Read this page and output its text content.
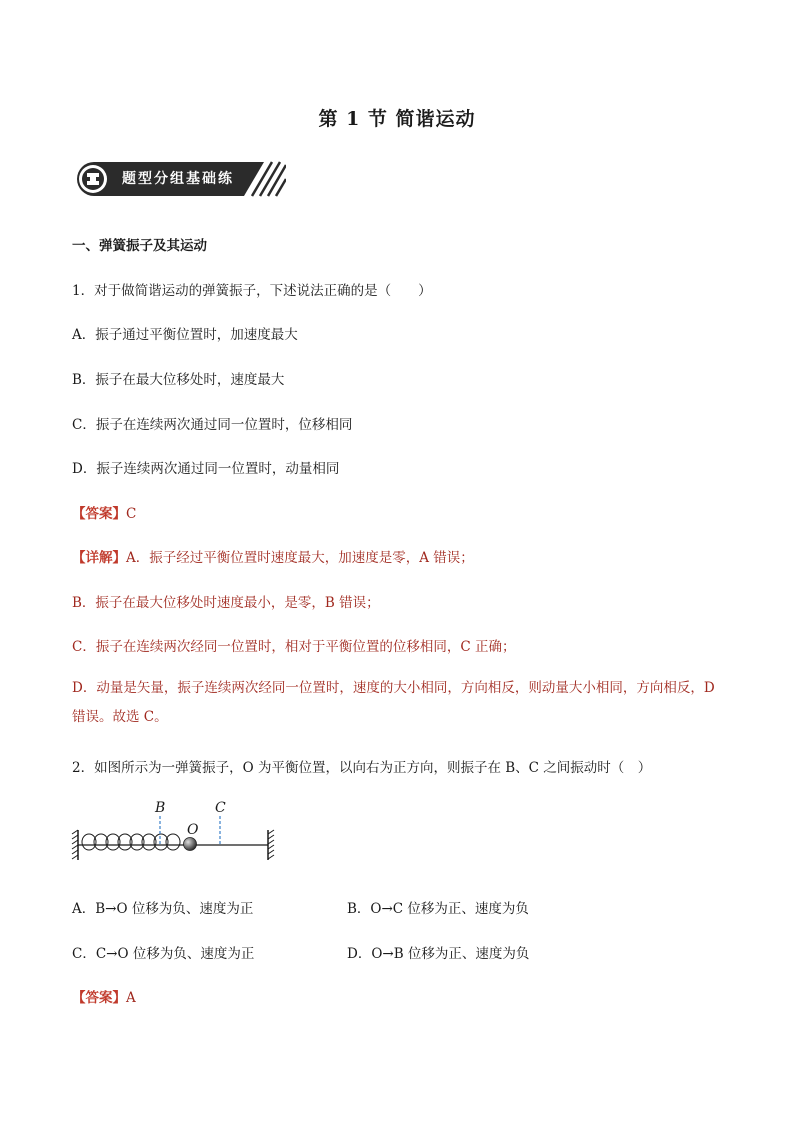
第 1 节 简谐运动
题型分组基础练
一、弹簧振子及其运动
1．对于做简谐运动的弹簧振子，下述说法正确的是（　　）
A．振子通过平衡位置时，加速度最大
B．振子在最大位移处时，速度最大
C．振子在连续两次通过同一位置时，位移相同
D．振子连续两次通过同一位置时，动量相同
【答案】C
【详解】A．振子经过平衡位置时速度最大，加速度是零，A 错误；
B．振子在最大位移处时速度最小，是零，B 错误；
C．振子在连续两次经同一位置时，相对于平衡位置的位移相同，C 正确；
D．动量是矢量，振子连续两次经同一位置时，速度的大小相同，方向相反，则动量大小相同，方向相反，D 错误。故选 C。
2．如图所示为一弹簧振子，O 为平衡位置，以向右为正方向，则振子在 B、C 之间振动时（　）
B
O
C
A．B→O 位移为负、速度为正	B．O→C 位移为正、速度为负
C．C→O 位移为负、速度为正	D．O→B 位移为正、速度为负
【答案】A
